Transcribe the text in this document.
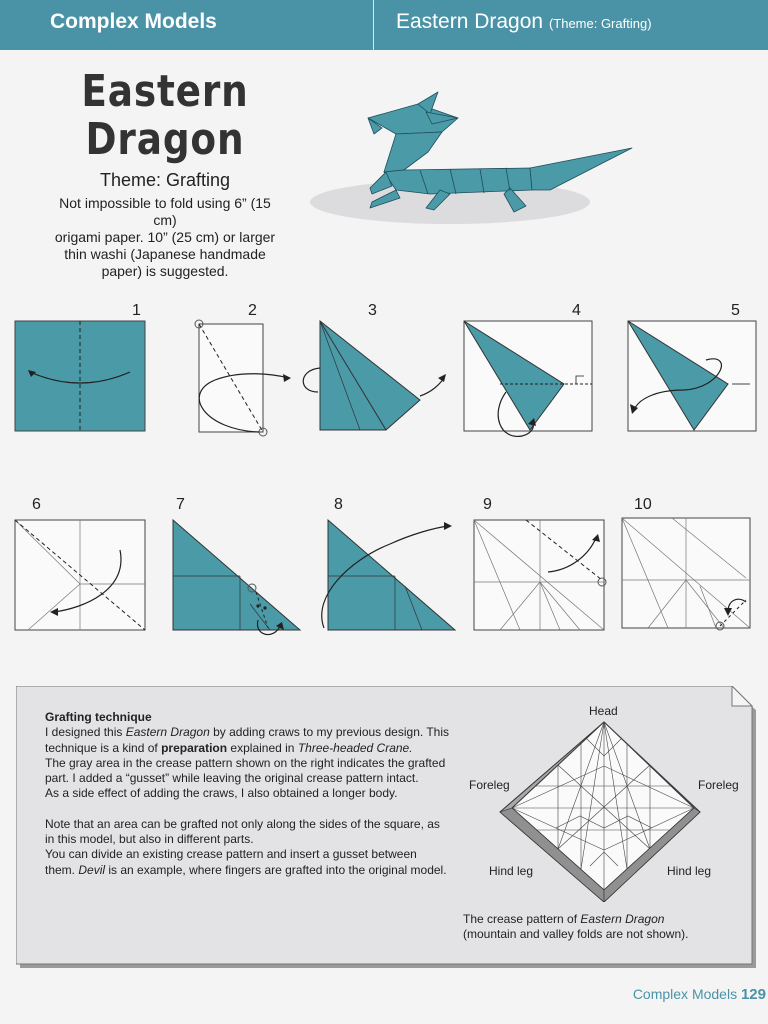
Complex Models	Eastern Dragon (Theme: Grafting)
Eastern
Dragon
Theme: Grafting
Not impossible to fold using 6” (15
cm)
origami paper. 10” (25 cm) or larger
thin washi (Japanese handmade
paper) is suggested.
1	2	3	4	5
6	7	8	9	10

Grafting technique

I designed this Eastern Dragon by adding craws to my previous design. This technique is a kind of preparation explained in Three-headed Crane.

The gray area in the crease pattern shown on the right indicates the grafted part. I added a “gusset” while leaving the original crease pattern intact.

As a side effect of adding the craws, I also obtained a longer body.

Note that an area can be grafted not only along the sides of the square, as in this model, but also in different parts.

You can divide an existing crease pattern and insert a gusset between them. Devil is an example, where fingers are grafted into the original model.

Head
Foreleg	Foreleg
Hind leg	Hind leg
The crease pattern of Eastern Dragon
(mountain and valley folds are not shown).
Complex Models 129
